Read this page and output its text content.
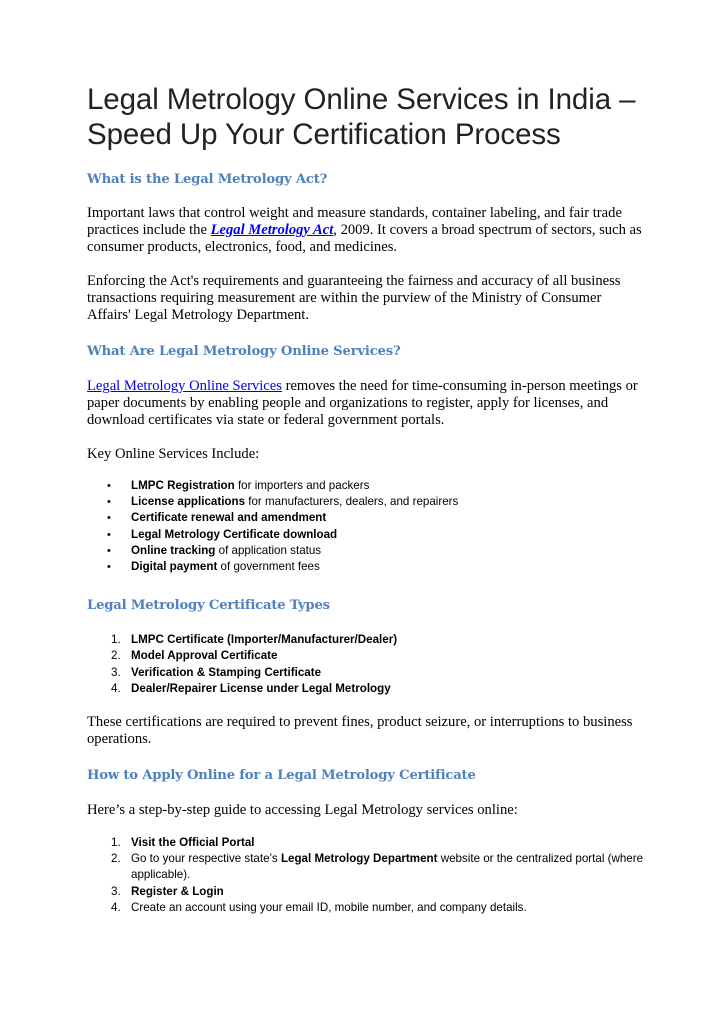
Legal Metrology Online Services in India –
Speed Up Your Certification Process
What is the Legal Metrology Act?

Important laws that control weight and measure standards, container labeling, and fair trade practices include the Legal Metrology Act, 2009. It covers a broad spectrum of sectors, such as consumer products, electronics, food, and medicines.

Enforcing the Act's requirements and guaranteeing the fairness and accuracy of all business transactions requiring measurement are within the purview of the Ministry of Consumer Affairs' Legal Metrology Department.

What Are Legal Metrology Online Services?

Legal Metrology Online Services removes the need for time-consuming in-person meetings or paper documents by enabling people and organizations to register, apply for licenses, and download certificates via state or federal government portals.

Key Online Services Include:

• LMPC Registration for importers and packers
• License applications for manufacturers, dealers, and repairers
• Certificate renewal and amendment
• Legal Metrology Certificate download
• Online tracking of application status
• Digital payment of government fees
Legal Metrology Certificate Types
1. LMPC Certificate (Importer/Manufacturer/Dealer)
2. Model Approval Certificate
3. Verification & Stamping Certificate
4. Dealer/Repairer License under Legal Metrology

These certifications are required to prevent fines, product seizure, or interruptions to business operations.

How to Apply Online for a Legal Metrology Certificate

Here’s a step-by-step guide to accessing Legal Metrology services online:

1. Visit the Official Portal
2. Go to your respective state’s Legal Metrology Department website or the centralized portal (where applicable).
3. Register & Login
4. Create an account using your email ID, mobile number, and company details.
